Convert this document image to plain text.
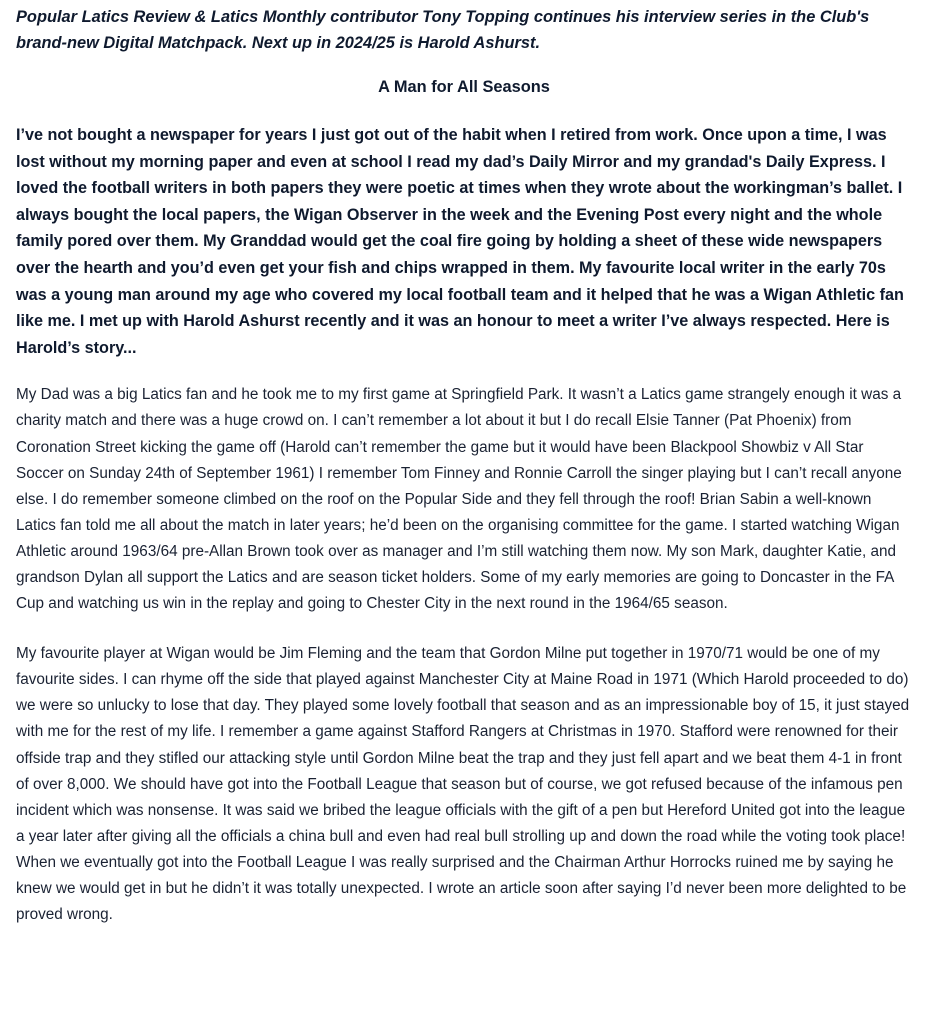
Popular Latics Review & Latics Monthly contributor Tony Topping continues his interview series in the Club's brand-new Digital Matchpack. Next up in 2024/25 is Harold Ashurst.

A Man for All Seasons

I’ve not bought a newspaper for years I just got out of the habit when I retired from work. Once upon a time, I was lost without my morning paper and even at school I read my dad’s Daily Mirror and my grandad's Daily Express. I loved the football writers in both papers they were poetic at times when they wrote about the workingman’s ballet. I always bought the local papers, the Wigan Observer in the week and the Evening Post every night and the whole family pored over them. My Granddad would get the coal fire going by holding a sheet of these wide newspapers over the hearth and you’d even get your fish and chips wrapped in them. My favourite local writer in the early 70s was a young man around my age who covered my local football team and it helped that he was a Wigan Athletic fan like me. I met up with Harold Ashurst recently and it was an honour to meet a writer I’ve always respected. Here is Harold’s story...

My Dad was a big Latics fan and he took me to my first game at Springfield Park. It wasn’t a Latics game strangely enough it was a charity match and there was a huge crowd on. I can’t remember a lot about it but I do recall Elsie Tanner (Pat Phoenix) from Coronation Street kicking the game off (Harold can’t remember the game but it would have been Blackpool Showbiz v All Star Soccer on Sunday 24th of September 1961) I remember Tom Finney and Ronnie Carroll the singer playing but I can’t recall anyone else. I do remember someone climbed on the roof on the Popular Side and they fell through the roof! Brian Sabin a well-known Latics fan told me all about the match in later years; he’d been on the organising committee for the game. I started watching Wigan Athletic around 1963/64 pre-Allan Brown took over as manager and I’m still watching them now. My son Mark, daughter Katie, and grandson Dylan all support the Latics and are season ticket holders. Some of my early memories are going to Doncaster in the FA Cup and watching us win in the replay and going to Chester City in the next round in the 1964/65 season.

My favourite player at Wigan would be Jim Fleming and the team that Gordon Milne put together in 1970/71 would be one of my favourite sides. I can rhyme off the side that played against Manchester City at Maine Road in 1971 (Which Harold proceeded to do) we were so unlucky to lose that day. They played some lovely football that season and as an impressionable boy of 15, it just stayed with me for the rest of my life. I remember a game against Stafford Rangers at Christmas in 1970. Stafford were renowned for their offside trap and they stifled our attacking style until Gordon Milne beat the trap and they just fell apart and we beat them 4-1 in front of over 8,000. We should have got into the Football League that season but of course, we got refused because of the infamous pen incident which was nonsense. It was said we bribed the league officials with the gift of a pen but Hereford United got into the league a year later after giving all the officials a china bull and even had real bull strolling up and down the road while the voting took place! When we eventually got into the Football League I was really surprised and the Chairman Arthur Horrocks ruined me by saying he knew we would get in but he didn’t it was totally unexpected. I wrote an article soon after saying I’d never been more delighted to be proved wrong.
